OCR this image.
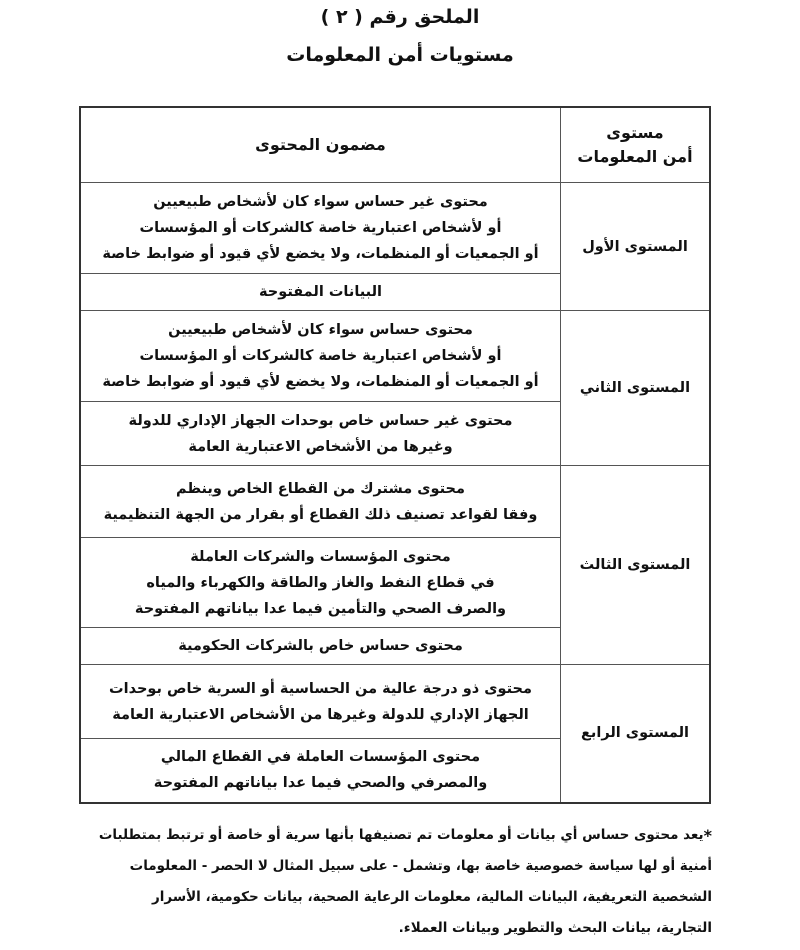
الملحق رقم ( ٢ )
مستويات أمن المعلومات
مستوى
أمن المعلومات	مضمون المحتوى
المستوى الأول	محتوى غير حساس سواء كان لأشخاص طبيعيين
أو لأشخاص اعتبارية خاصة كالشركات أو المؤسسات
أو الجمعيات أو المنظمات، ولا يخضع لأي قيود أو ضوابط خاصة

	البيانات المفتوحة

المستوى الثاني	محتوى حساس سواء كان لأشخاص طبيعيين
أو لأشخاص اعتبارية خاصة كالشركات أو المؤسسات
أو الجمعيات أو المنظمات، ولا يخضع لأي قيود أو ضوابط خاصة

	محتوى غير حساس خاص بوحدات الجهاز الإداري للدولة
وغيرها من الأشخاص الاعتبارية العامة

المستوى الثالث	محتوى مشترك من القطاع الخاص وينظم
وفقا لقواعد تصنيف ذلك القطاع أو بقرار من الجهة التنظيمية

	محتوى المؤسسات والشركات العاملة
في قطاع النفط والغاز والطاقة والكهرباء والمياه
والصرف الصحي والتأمين فيما عدا بياناتهم المفتوحة

	محتوى حساس خاص بالشركات الحكومية

المستوى الرابع	محتوى ذو درجة عالية من الحساسية أو السرية خاص بوحدات
الجهاز الإداري للدولة وغيرها من الأشخاص الاعتبارية العامة

	محتوى المؤسسات العاملة في القطاع المالي
والمصرفي والصحي فيما عدا بياناتهم المفتوحة
*يعد محتوى حساس أي بيانات أو معلومات تم تصنيفها بأنها سرية أو خاصة أو ترتبط بمتطلبات
أمنية أو لها سياسة خصوصية خاصة بها، وتشمل - على سبيل المثال لا الحصر - المعلومات
الشخصية التعريفية، البيانات المالية، معلومات الرعاية الصحية، بيانات حكومية، الأسرار
التجارية، بيانات البحث والتطوير وبيانات العملاء.
